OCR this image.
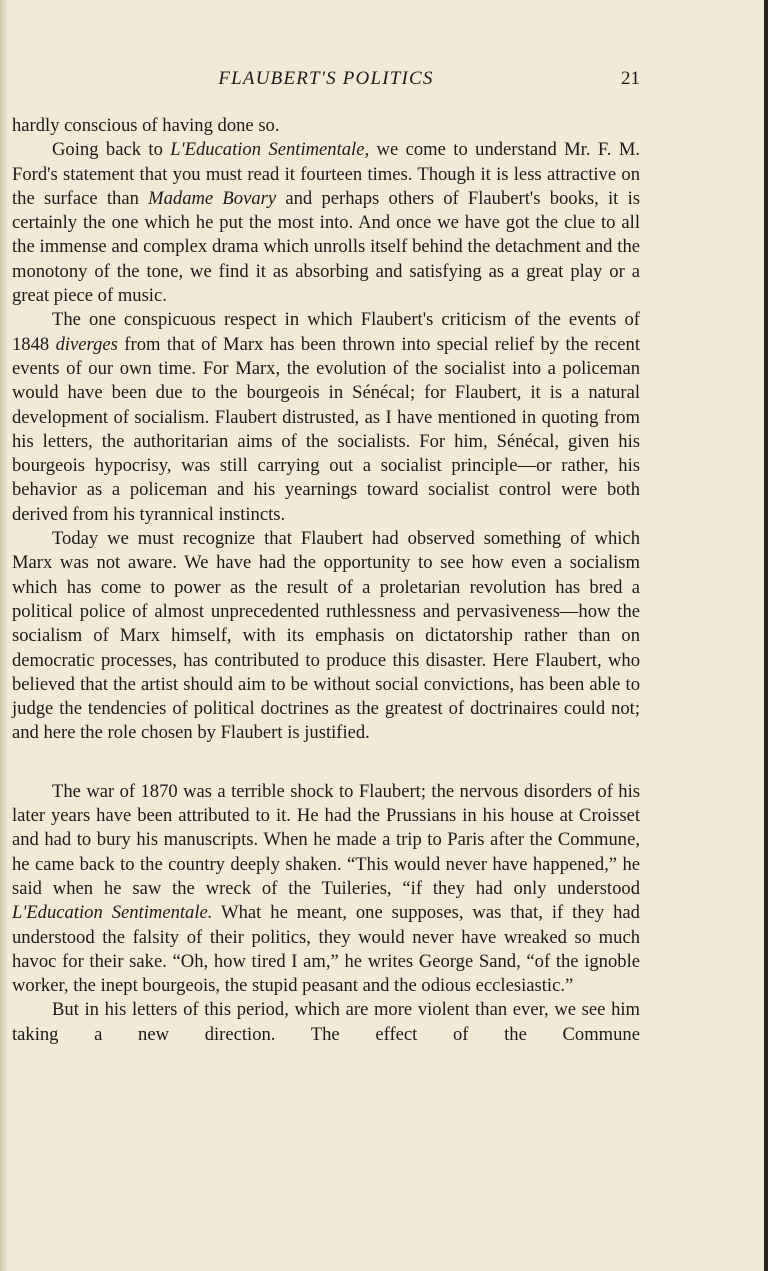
FLAUBERT'S POLITICS	21

hardly conscious of having done so.

Going back to L'Education Sentimentale, we come to understand Mr. F. M. Ford's statement that you must read it fourteen times. Though it is less attractive on the surface than Madame Bovary and perhaps others of Flaubert's books, it is certainly the one which he put the most into. And once we have got the clue to all the immense and complex drama which unrolls itself behind the detachment and the monotony of the tone, we find it as absorbing and satisfying as a great play or a great piece of music.

The one conspicuous respect in which Flaubert's criticism of the events of 1848 diverges from that of Marx has been thrown into special relief by the recent events of our own time. For Marx, the evolution of the socialist into a policeman would have been due to the bourgeois in Sénécal; for Flaubert, it is a natural development of socialism. Flaubert distrusted, as I have mentioned in quoting from his letters, the authoritarian aims of the socialists. For him, Sénécal, given his bourgeois hypocrisy, was still carrying out a socialist principle—or rather, his behavior as a policeman and his yearnings toward socialist control were both derived from his tyrannical instincts.

Today we must recognize that Flaubert had observed something of which Marx was not aware. We have had the opportunity to see how even a socialism which has come to power as the result of a proletarian revolution has bred a political police of almost unprecedented ruthlessness and pervasiveness—how the socialism of Marx himself, with its emphasis on dictatorship rather than on democratic processes, has contributed to produce this disaster. Here Flaubert, who believed that the artist should aim to be without social convictions, has been able to judge the tendencies of political doctrines as the greatest of doctrinaires could not; and here the role chosen by Flaubert is justified.

The war of 1870 was a terrible shock to Flaubert; the nervous disorders of his later years have been attributed to it. He had the Prussians in his house at Croisset and had to bury his manuscripts. When he made a trip to Paris after the Commune, he came back to the country deeply shaken. “This would never have happened,” he said when he saw the wreck of the Tuileries, “if they had only understood L'Education Sentimentale. What he meant, one supposes, was that, if they had understood the falsity of their politics, they would never have wreaked so much havoc for their sake. “Oh, how tired I am,” he writes George Sand, “of the ignoble worker, the inept bourgeois, the stupid peasant and the odious ecclesiastic.”

But in his letters of this period, which are more violent than ever, we see him taking a new direction. The effect of the Commune
